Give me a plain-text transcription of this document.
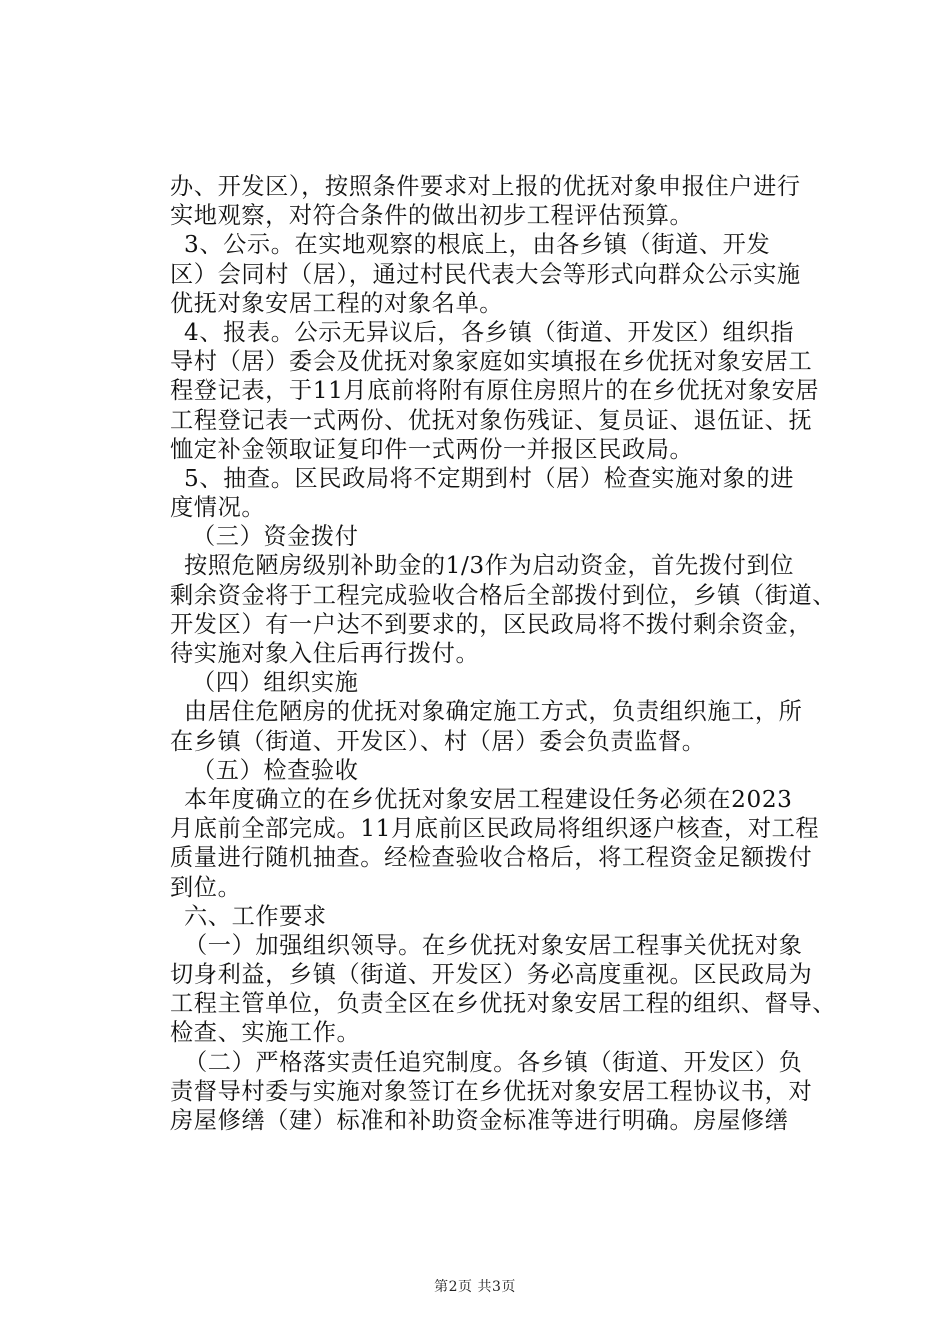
办、开发区），按照条件要求对上报的优抚对象申报住户进行
实地观察，对符合条件的做出初步工程评估预算。
3、公示。在实地观察的根底上，由各乡镇（街道、开发
区）会同村（居），通过村民代表大会等形式向群众公示实施
优抚对象安居工程的对象名单。
4、报表。公示无异议后，各乡镇（街道、开发区）组织指
导村（居）委会及优抚对象家庭如实填报在乡优抚对象安居工
程登记表，于11月底前将附有原住房照片的在乡优抚对象安居
工程登记表一式两份、优抚对象伤残证、复员证、退伍证、抚
恤定补金领取证复印件一式两份一并报区民政局。
5、抽查。区民政局将不定期到村（居）检查实施对象的进
度情况。
（三）资金拨付
按照危陋房级别补助金的1/3作为启动资金，首先拨付到位
剩余资金将于工程完成验收合格后全部拨付到位，乡镇（街道、
开发区）有一户达不到要求的，区民政局将不拨付剩余资金，
待实施对象入住后再行拨付。
（四）组织实施
由居住危陋房的优抚对象确定施工方式，负责组织施工，所
在乡镇（街道、开发区）、村（居）委会负责监督。
（五）检查验收
本年度确立的在乡优抚对象安居工程建设任务必须在2023
月底前全部完成。11月底前区民政局将组织逐户核查，对工程
质量进行随机抽查。经检查验收合格后，将工程资金足额拨付
到位。
六、工作要求
（一）加强组织领导。在乡优抚对象安居工程事关优抚对象
切身利益，乡镇（街道、开发区）务必高度重视。区民政局为
工程主管单位，负责全区在乡优抚对象安居工程的组织、督导、
检查、实施工作。
（二）严格落实责任追究制度。各乡镇（街道、开发区）负
责督导村委与实施对象签订在乡优抚对象安居工程协议书，对
房屋修缮（建）标准和补助资金标准等进行明确。房屋修缮
第2页 共3页
